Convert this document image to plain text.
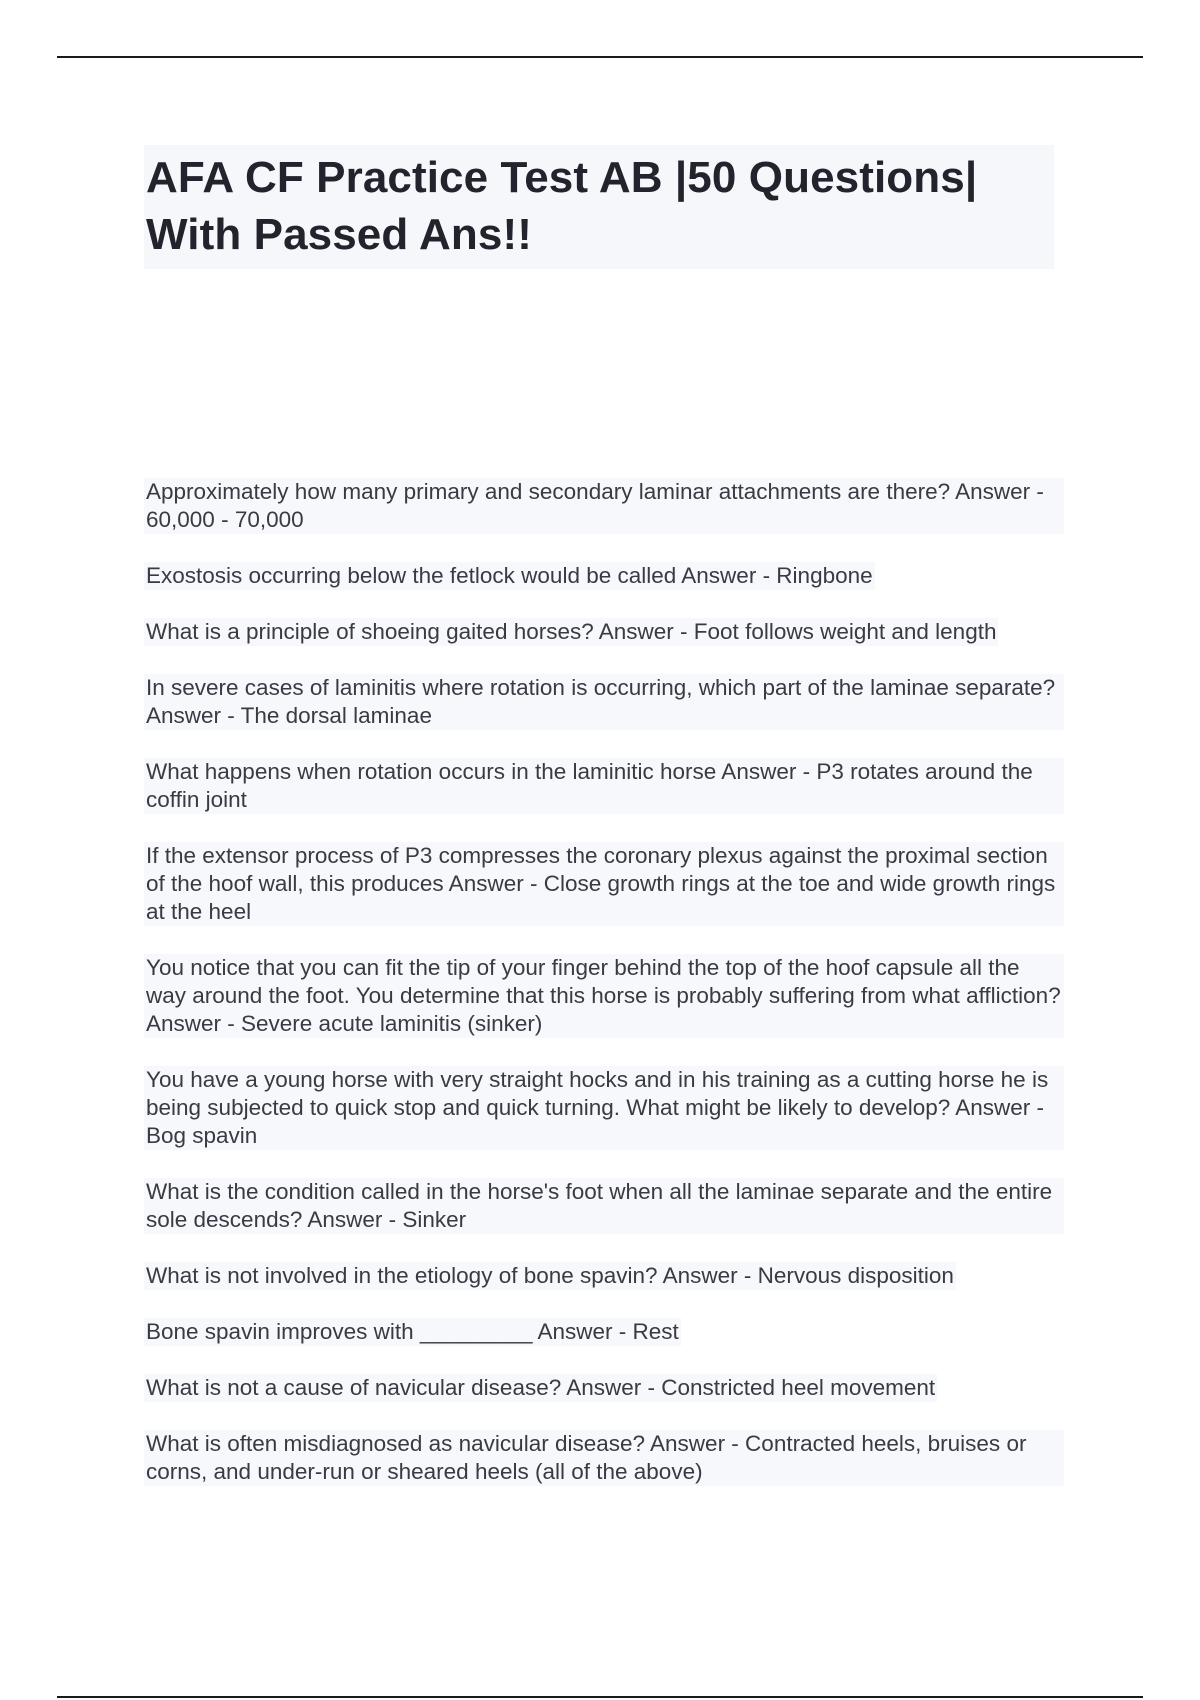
AFA CF Practice Test AB |50 Questions| With Passed Ans!!
Approximately how many primary and secondary laminar attachments are there? Answer - 60,000 - 70,000
Exostosis occurring below the fetlock would be called Answer - Ringbone
What is a principle of shoeing gaited horses? Answer - Foot follows weight and length
In severe cases of laminitis where rotation is occurring, which part of the laminae separate? Answer - The dorsal laminae
What happens when rotation occurs in the laminitic horse Answer - P3 rotates around the coffin joint
If the extensor process of P3 compresses the coronary plexus against the proximal section of the hoof wall, this produces Answer - Close growth rings at the toe and wide growth rings at the heel
You notice that you can fit the tip of your finger behind the top of the hoof capsule all the way around the foot. You determine that this horse is probably suffering from what affliction? Answer - Severe acute laminitis (sinker)
You have a young horse with very straight hocks and in his training as a cutting horse he is being subjected to quick stop and quick turning. What might be likely to develop? Answer - Bog spavin
What is the condition called in the horse's foot when all the laminae separate and the entire sole descends? Answer - Sinker
What is not involved in the etiology of bone spavin? Answer - Nervous disposition
Bone spavin improves with _________ Answer - Rest
What is not a cause of navicular disease? Answer - Constricted heel movement
What is often misdiagnosed as navicular disease? Answer - Contracted heels, bruises or corns, and under-run or sheared heels (all of the above)
